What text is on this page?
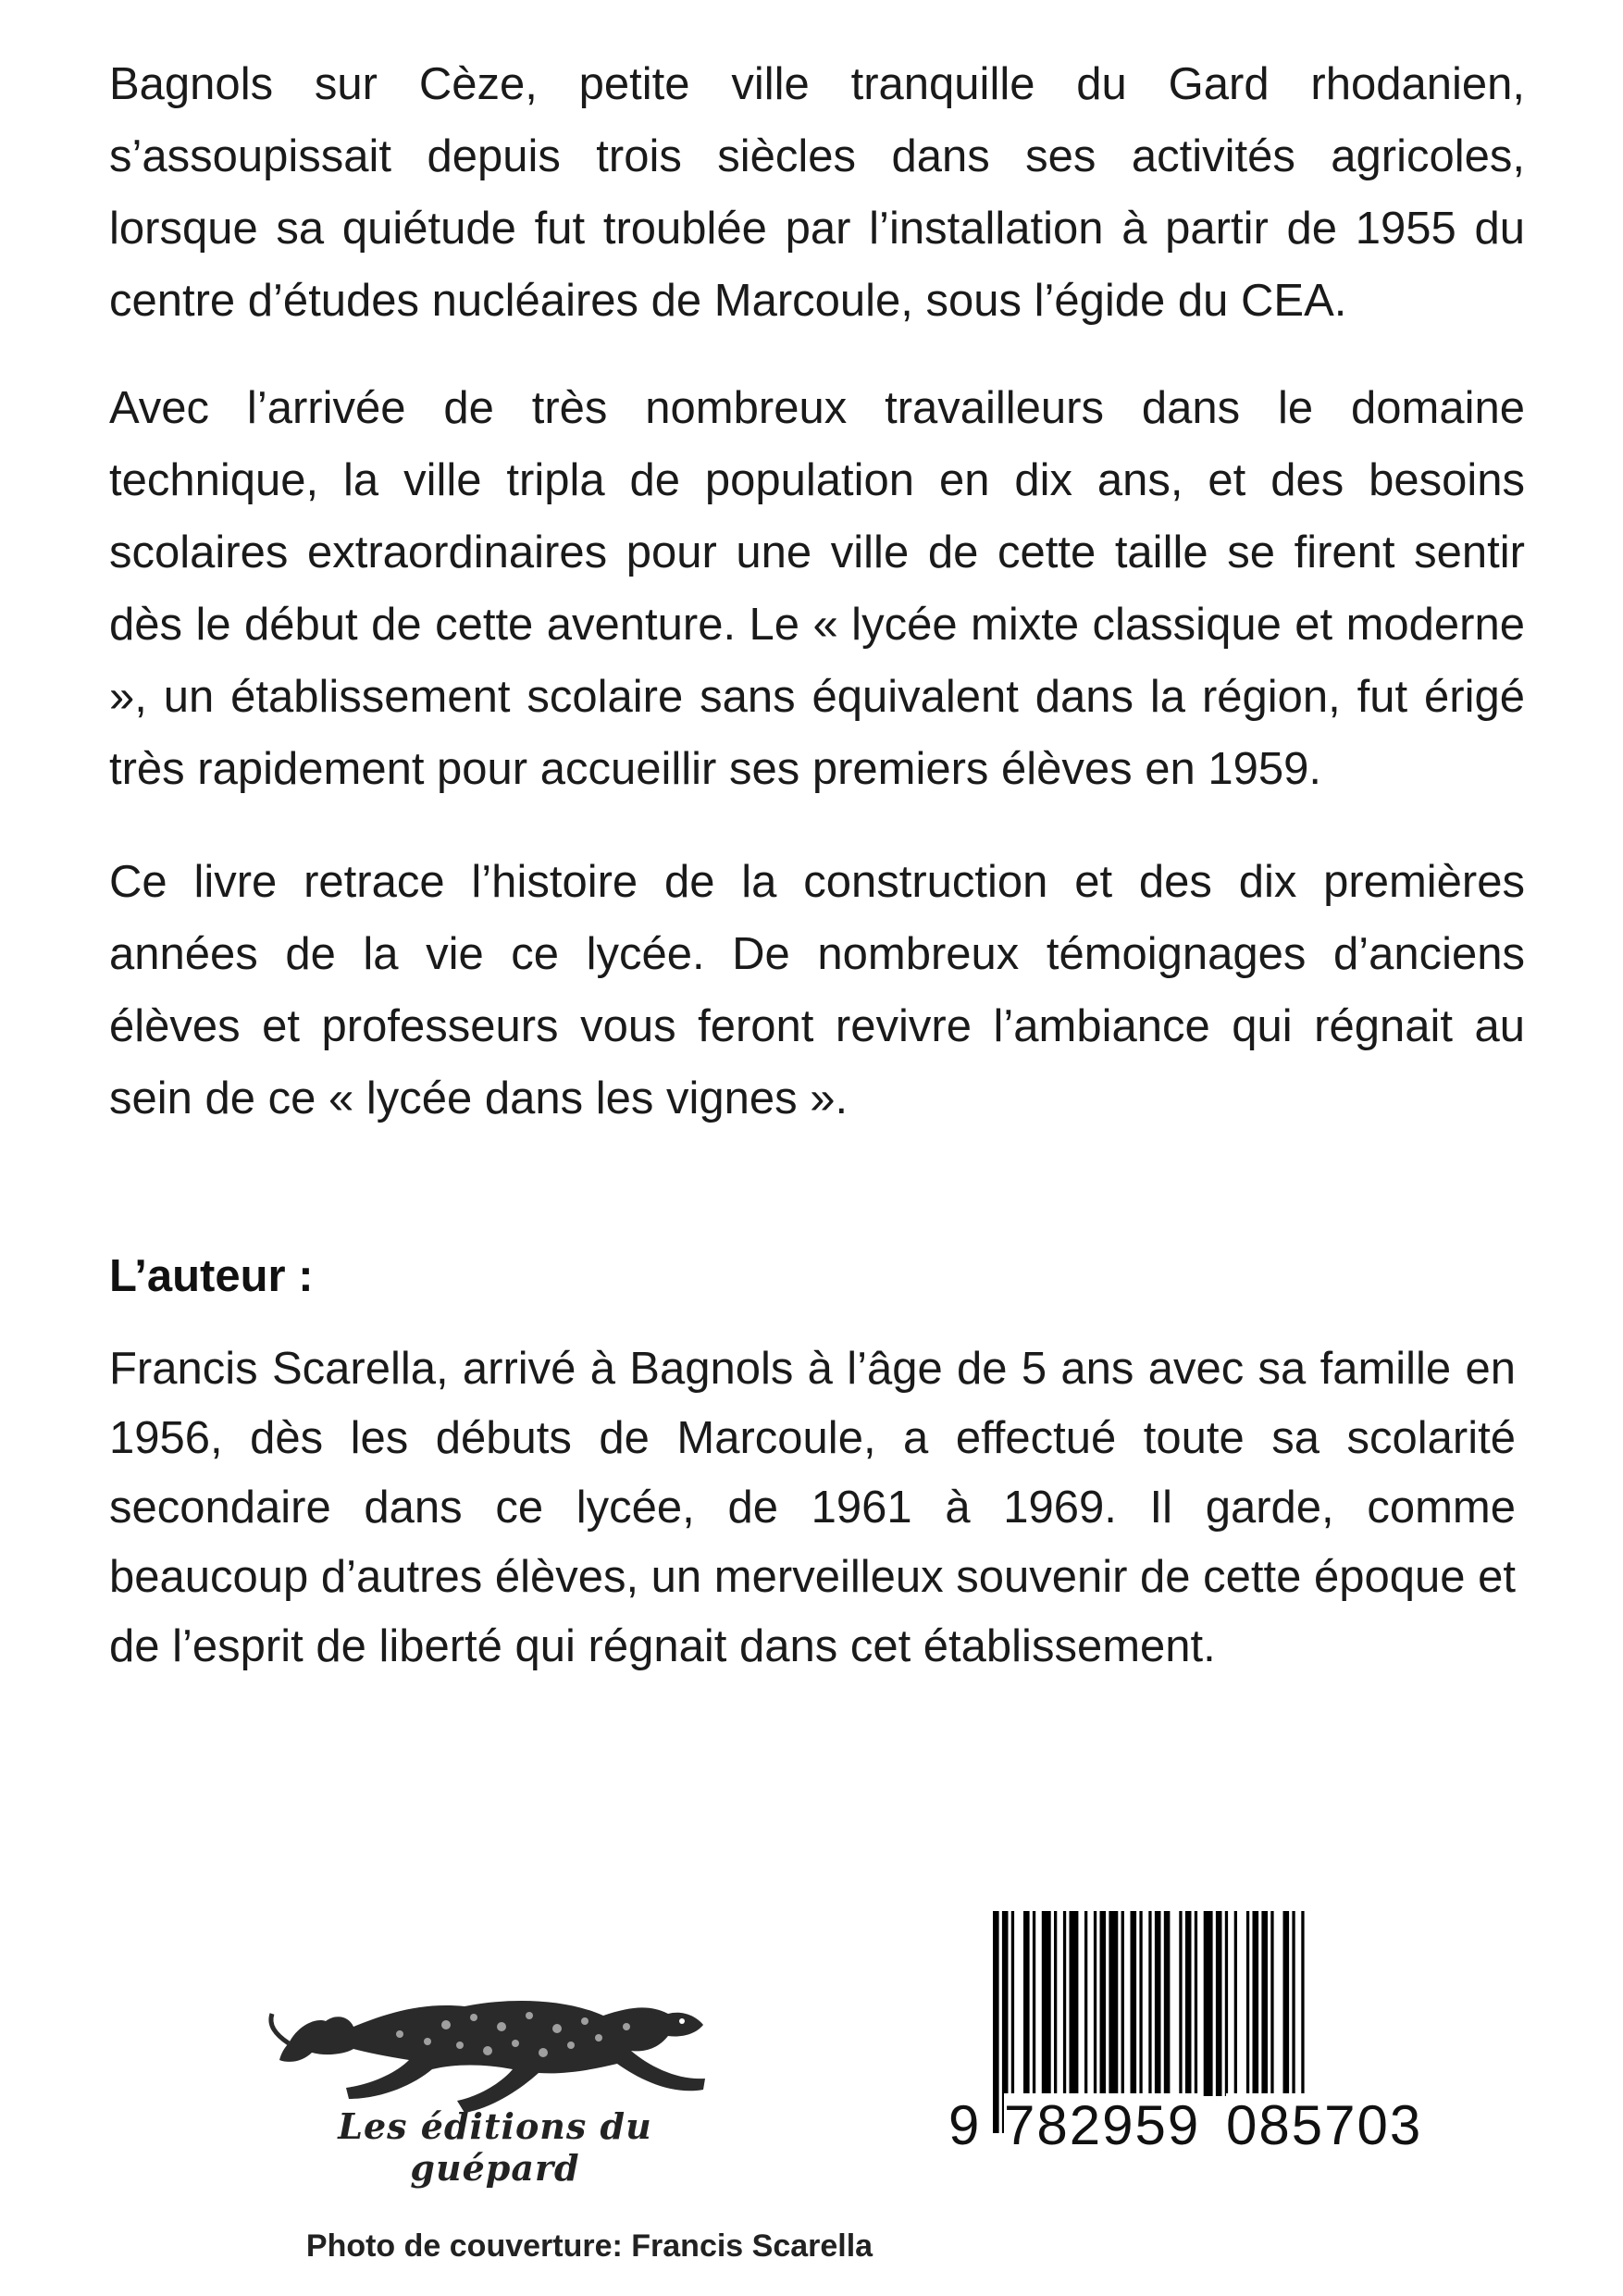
Bagnols sur Cèze, petite ville tranquille du Gard rhodanien, s’assoupissait depuis trois siècles dans ses activités agricoles, lorsque sa quiétude fut troublée par l’installation à partir de 1955 du centre d’études nucléaires de Marcoule, sous l’égide du CEA.

Avec l’arrivée de très nombreux travailleurs dans le domaine technique, la ville tripla de population en dix ans, et des besoins scolaires extraordinaires pour une ville de cette taille se firent sentir dès le début de cette aventure. Le « lycée mixte classique et moderne », un établissement scolaire sans équivalent dans la région, fut érigé très rapidement pour accueillir ses premiers élèves en 1959.

Ce livre retrace l’histoire de la construction et des dix premières années de la vie ce lycée. De nombreux témoignages d’anciens élèves et professeurs vous feront revivre l’ambiance qui régnait au sein de ce « lycée dans les vignes ».

L’auteur :

Francis Scarella, arrivé à Bagnols à l’âge de 5 ans avec sa famille en 1956, dès les débuts de Marcoule, a effectué toute sa scolarité secondaire dans ce lycée, de 1961 à 1969. Il garde, comme beaucoup d’autres élèves, un merveilleux souvenir de cette époque et de l’esprit de liberté qui régnait dans cet établissement.

Les éditions du guépard
9 782959 085703
Photo de couverture: Francis Scarella
